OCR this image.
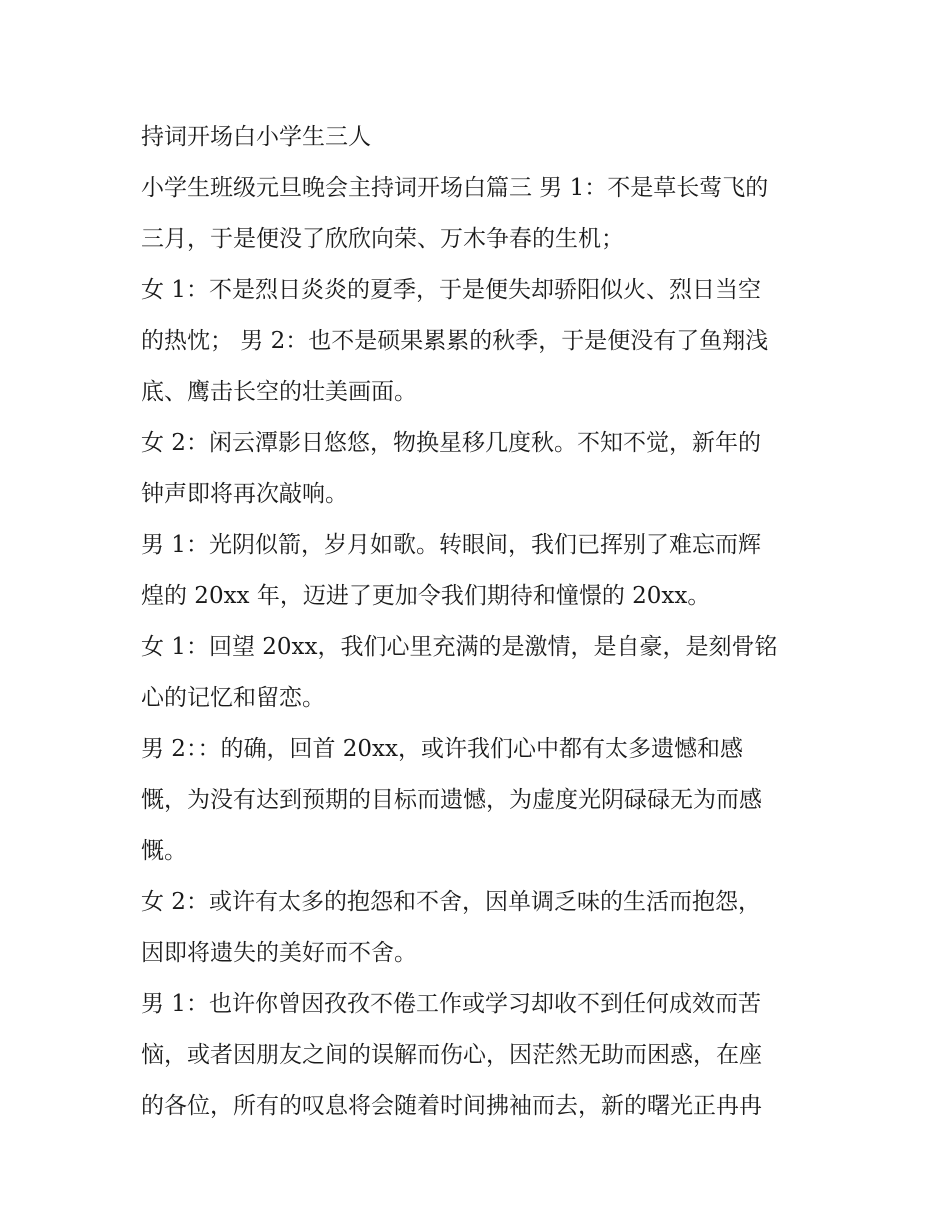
持词开场白小学生三人
小学生班级元旦晚会主持词开场白篇三 男 1：不是草长莺飞的
三月，于是便没了欣欣向荣、万木争春的生机；
女 1：不是烈日炎炎的夏季，于是便失却骄阳似火、烈日当空
的热忱； 男 2：也不是硕果累累的秋季，于是便没有了鱼翔浅
底、鹰击长空的壮美画面。
女 2：闲云潭影日悠悠，物换星移几度秋。不知不觉，新年的
钟声即将再次敲响。
男 1：光阴似箭，岁月如歌。转眼间，我们已挥别了难忘而辉
煌的 20xx 年，迈进了更加令我们期待和憧憬的 20xx。
女 1：回望 20xx，我们心里充满的是激情，是自豪，是刻骨铭
心的记忆和留恋。
男 2：：的确，回首 20xx，或许我们心中都有太多遗憾和感
慨，为没有达到预期的目标而遗憾，为虚度光阴碌碌无为而感
慨。
女 2：或许有太多的抱怨和不舍，因单调乏味的生活而抱怨，
因即将遗失的美好而不舍。
男 1：也许你曾因孜孜不倦工作或学习却收不到任何成效而苦
恼，或者因朋友之间的误解而伤心，因茫然无助而困惑，在座
的各位，所有的叹息将会随着时间拂袖而去，新的曙光正冉冉
